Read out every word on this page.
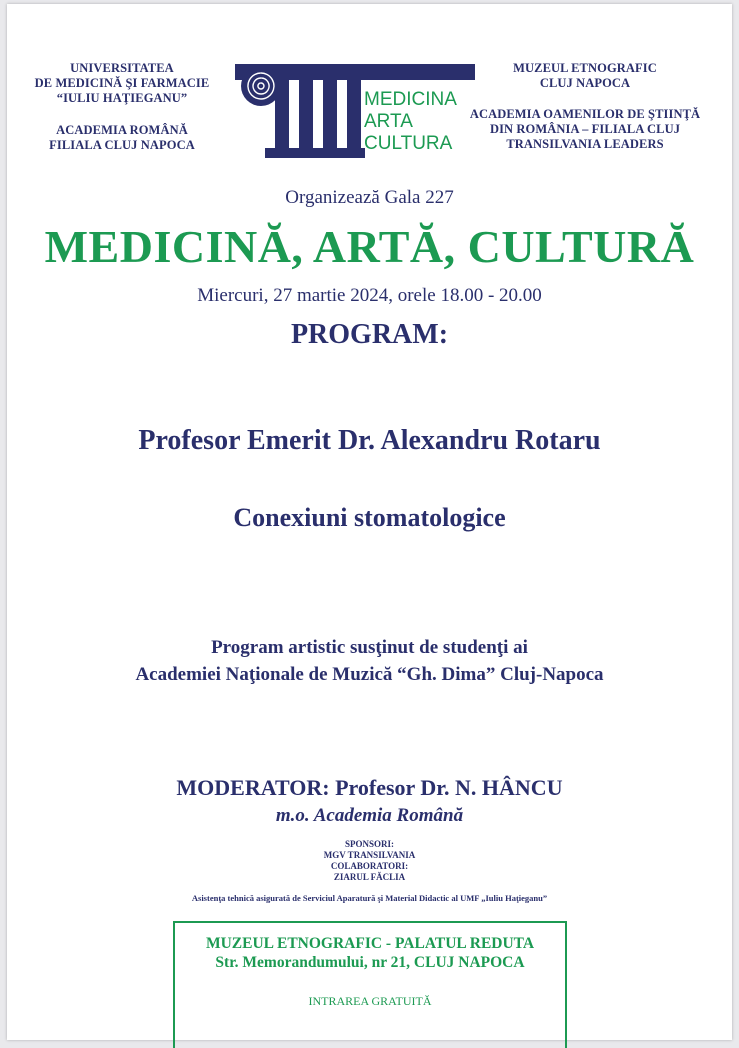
UNIVERSITATEA
DE MEDICINĂ ŞI FARMACIE
“IULIU HAŢIEGANU”
ACADEMIA ROMÂNĂ
FILIALA CLUJ NAPOCA
MEDICINA
ARTA
CULTURA
MUZEUL ETNOGRAFIC
CLUJ NAPOCA
ACADEMIA OAMENILOR DE ŞTIINŢĂ
DIN ROMÂNIA – FILIALA CLUJ
TRANSILVANIA LEADERS
Organizează Gala 227
MEDICINĂ, ARTĂ, CULTURĂ
Miercuri, 27 martie 2024, orele 18.00 - 20.00
PROGRAM:
Profesor Emerit Dr. Alexandru Rotaru
Conexiuni stomatologice
Program artistic susţinut de studenţi ai
Academiei Naţionale de Muzică “Gh. Dima” Cluj-Napoca
MODERATOR: Profesor Dr. N. HÂNCU
m.o. Academia Română
SPONSORI:
MGV TRANSILVANIA
COLABORATORI:
ZIARUL FĂCLIA
Asistenţa tehnică asigurată de Serviciul Aparatură şi Material Didactic al UMF „Iuliu Haţieganu”
MUZEUL ETNOGRAFIC - PALATUL REDUTA
Str. Memorandumului, nr 21, CLUJ NAPOCA
INTRAREA GRATUITĂ
